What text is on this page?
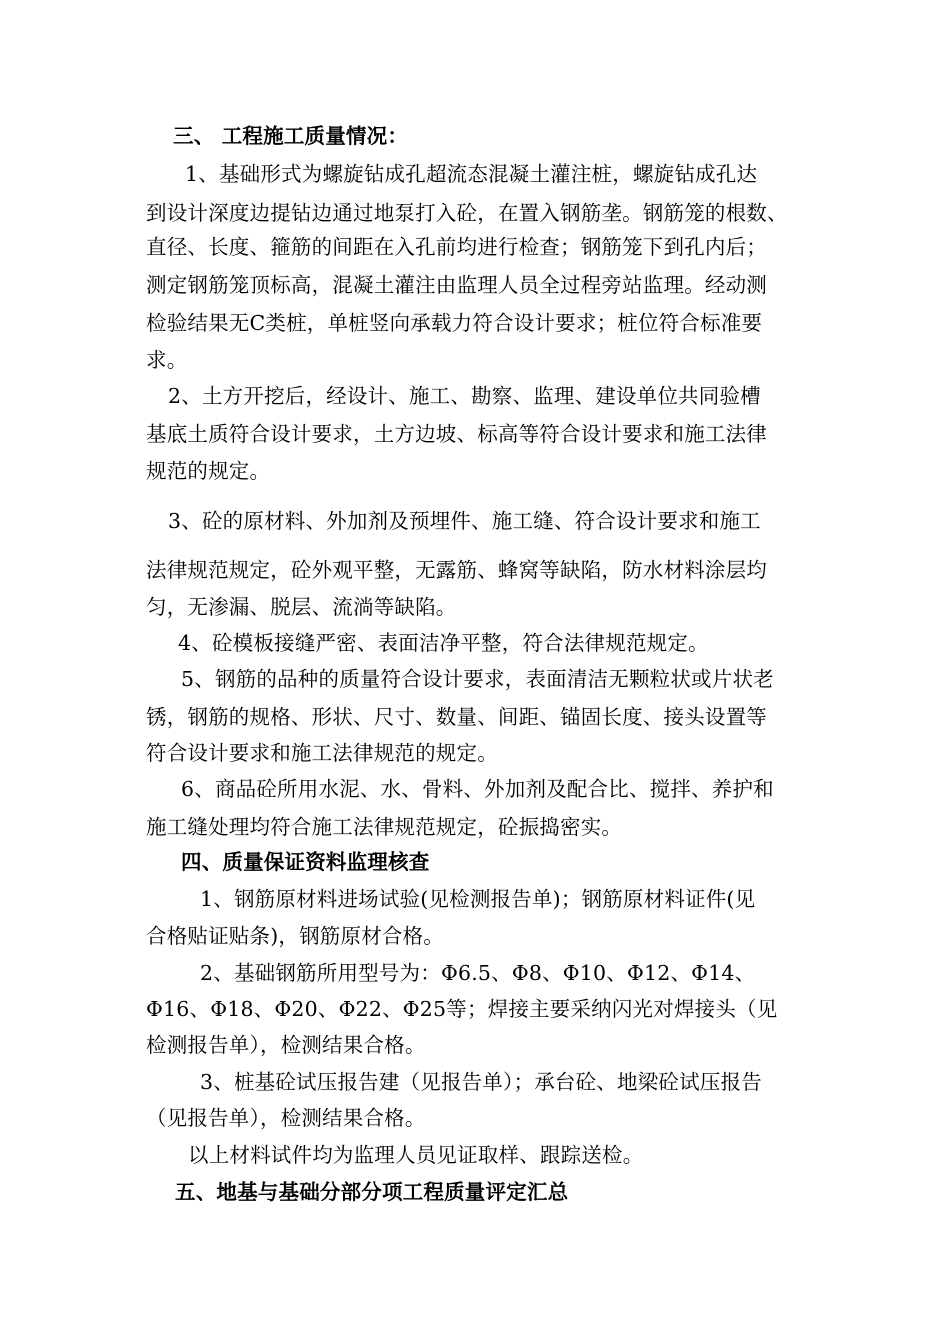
三、 工程施工质量情况：
1、基础形式为螺旋钻成孔超流态混凝土灌注桩，螺旋钻成孔达
到设计深度边提钻边通过地泵打入砼，在置入钢筋垄。钢筋笼的根数、
直径、长度、箍筋的间距在入孔前均进行检查；钢筋笼下到孔内后；
测定钢筋笼顶标高，混凝土灌注由监理人员全过程旁站监理。经动测
检验结果无C类桩，单桩竖向承载力符合设计要求；桩位符合标准要
求。
2、土方开挖后，经设计、施工、勘察、监理、建设单位共同验槽
基底土质符合设计要求，土方边坡、标高等符合设计要求和施工法律
规范的规定。
3、砼的原材料、外加剂及预埋件、施工缝、符合设计要求和施工
法律规范规定，砼外观平整，无露筋、蜂窝等缺陷，防水材料涂层均
匀，无渗漏、脱层、流淌等缺陷。
4、砼模板接缝严密、表面洁净平整，符合法律规范规定。
5、钢筋的品种的质量符合设计要求，表面清洁无颗粒状或片状老
锈，钢筋的规格、形状、尺寸、数量、间距、锚固长度、接头设置等
符合设计要求和施工法律规范的规定。
6、商品砼所用水泥、水、骨料、外加剂及配合比、搅拌、养护和
施工缝处理均符合施工法律规范规定，砼振捣密实。
四、质量保证资料监理核查
1、钢筋原材料进场试验(见检测报告单)；钢筋原材料证件(见
合格贴证贴条)，钢筋原材合格。
2、基础钢筋所用型号为：Φ6.5、Φ8、Φ10、Φ12、Φ14、
Φ16、Φ18、Φ20、Φ22、Φ25等；焊接主要采纳闪光对焊接头（见
检测报告单），检测结果合格。
3、桩基砼试压报告建（见报告单）；承台砼、地梁砼试压报告
（见报告单），检测结果合格。
以上材料试件均为监理人员见证取样、跟踪送检。
五、地基与基础分部分项工程质量评定汇总
